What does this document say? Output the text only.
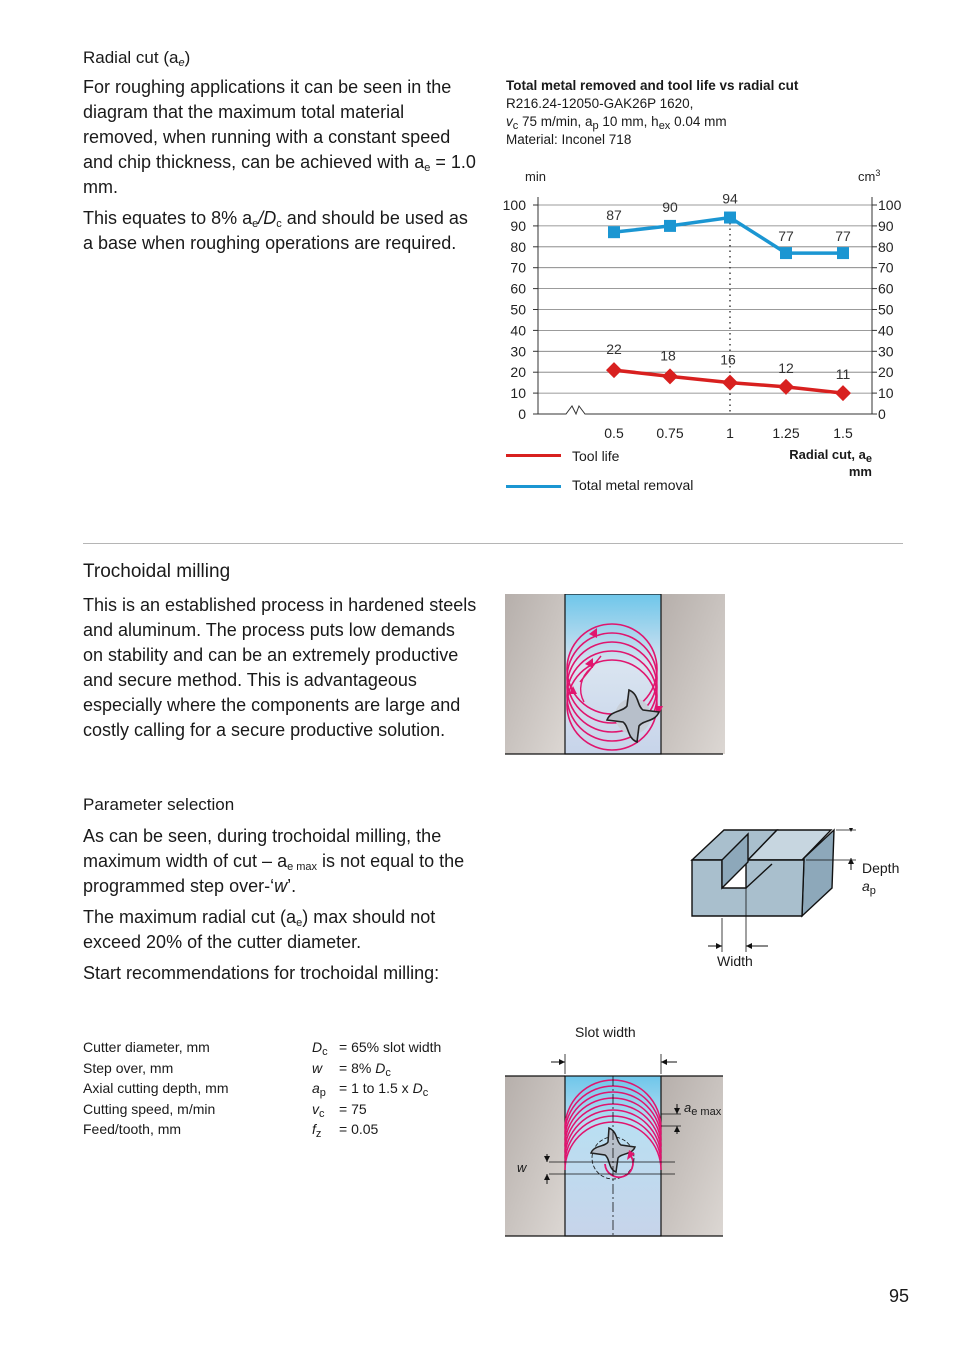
Radial cut $(a_e)$

For roughing applications it can be seen in the diagram that the maximum total material removed, when running with a constant speed and chip thickness, can be achieved with $a_e = 1.0$ mm.

This equates to 8% $a_e/D_c$ and should be used as a base when roughing operations are required.

Total metal removed and tool life vs radial cut
R216.24-12050-GAK26P 1620,
$v_c$ 75 m/min, $a_p$ 10 mm, $h_{ex}$ 0.04 mm
Material: Inconel 718
0	0
10	10
20	20
30	30
40	40
50	50
60	60
70	70
80	80
90	90
100	100
0.5 0.75	1	1.25 1.5
22	18	16
12	11
87
90
94
77	77
min	$cm^3$
Tool life
Total metal removal
Radial cut, $a_e$
mm
Trochoidal milling

This is an established process in hardened steels and aluminum. The process puts low demands on stability and can be an extremely productive and secure method. This is advantageous especially where the components are large and costly calling for a secure productive solution.

Parameter selection

As can be seen, during trochoidal milling, the maximum width of cut – $a_{e max}$ is not equal to the programmed step over-‘w’.

The maximum radial cut $(a_e)$ max should not exceed 20% of the cutter diameter.

Start recommendations for trochoidal milling:

Cutter diameter, mm	$D_c = 65\%$ slot width
Step over, mm	w = 8% $D_c$
Axial cutting depth, mm	$a_p = 1$ to 1.5 x $D_c$
Cutting speed, m/min	$v_c = 75$
Feed/tooth, mm	$f_z = 0.05$
Depth
$a_p$
Width
Slot width
$a_{e max}$
w
95
